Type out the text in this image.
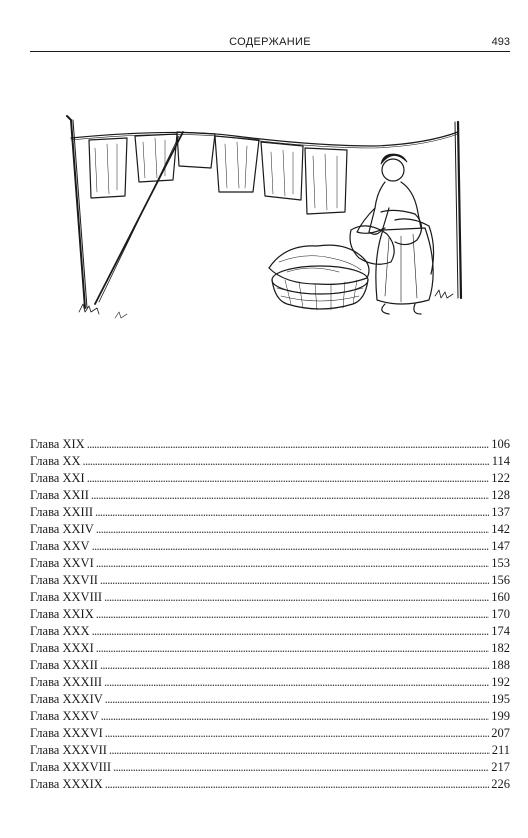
СОДЕРЖАНИЕ	493
Глава XIX . . .	106
Глава XX . . .	114
Глава XXI . . .	122
Глава XXII . . .	128
Глава XXIII . . .	137
Глава XXIV . . .	142
Глава XXV . . .	147
Глава XXVI . . .	153
Глава XXVII . . .	156
Глава XXVIII . . .	160
Глава XXIX . . .	170
Глава XXX . . .	174
Глава XXXI . . .	182
Глава XXXII . . .	188
Глава XXXIII . . .	192
Глава XXXIV . . .	195
Глава XXXV . . .	199
Глава XXXVI . . .	207
Глава XXXVII . . .	211
Глава XXXVIII . . .	217
Глава XXXIX . . .	226
